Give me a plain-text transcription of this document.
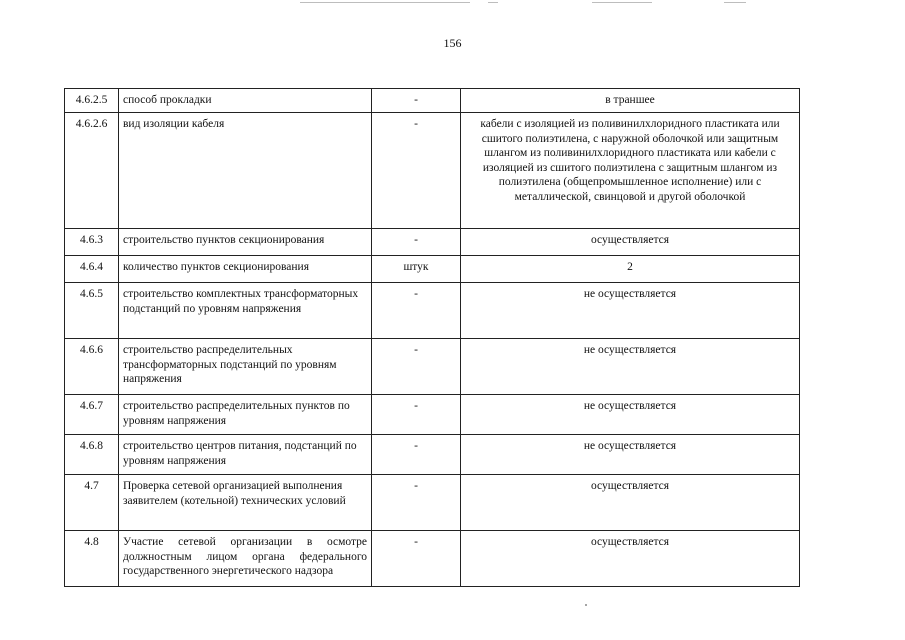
156
4.6.2.5	способ прокладки	-	в траншее
4.6.2.6	вид изоляции кабеля	-	кабели с изоляцией из поливинилхлоридного пластиката или сшитого полиэтилена, с наружной оболочкой или защитным шлангом из поливинилхлоридного пластиката или кабели с изоляцией из сшитого полиэтилена с защитным шлангом из полиэтилена (общепромышленное исполнение) или с металлической, свинцовой и другой оболочкой
4.6.3	строительство пунктов секционирования	-	осуществляется
4.6.4	количество пунктов секционирования	штук	2
4.6.5	строительство комплектных трансформаторных подстанций по уровням напряжения	-	не осуществляется
4.6.6	строительство распределительных трансформаторных подстанций по уровням напряжения	-	не осуществляется
4.6.7	строительство распределительных пунктов по уровням напряжения	-	не осуществляется
4.6.8	строительство центров питания, подстанций по уровням напряжения	-	не осуществляется
4.7	Проверка сетевой организацией выполнения заявителем (котельной) технических условий	-	осуществляется
4.8	Участие сетевой организации в осмотре должностным лицом органа федерального государственного энергетического надзора	-	осуществляется
